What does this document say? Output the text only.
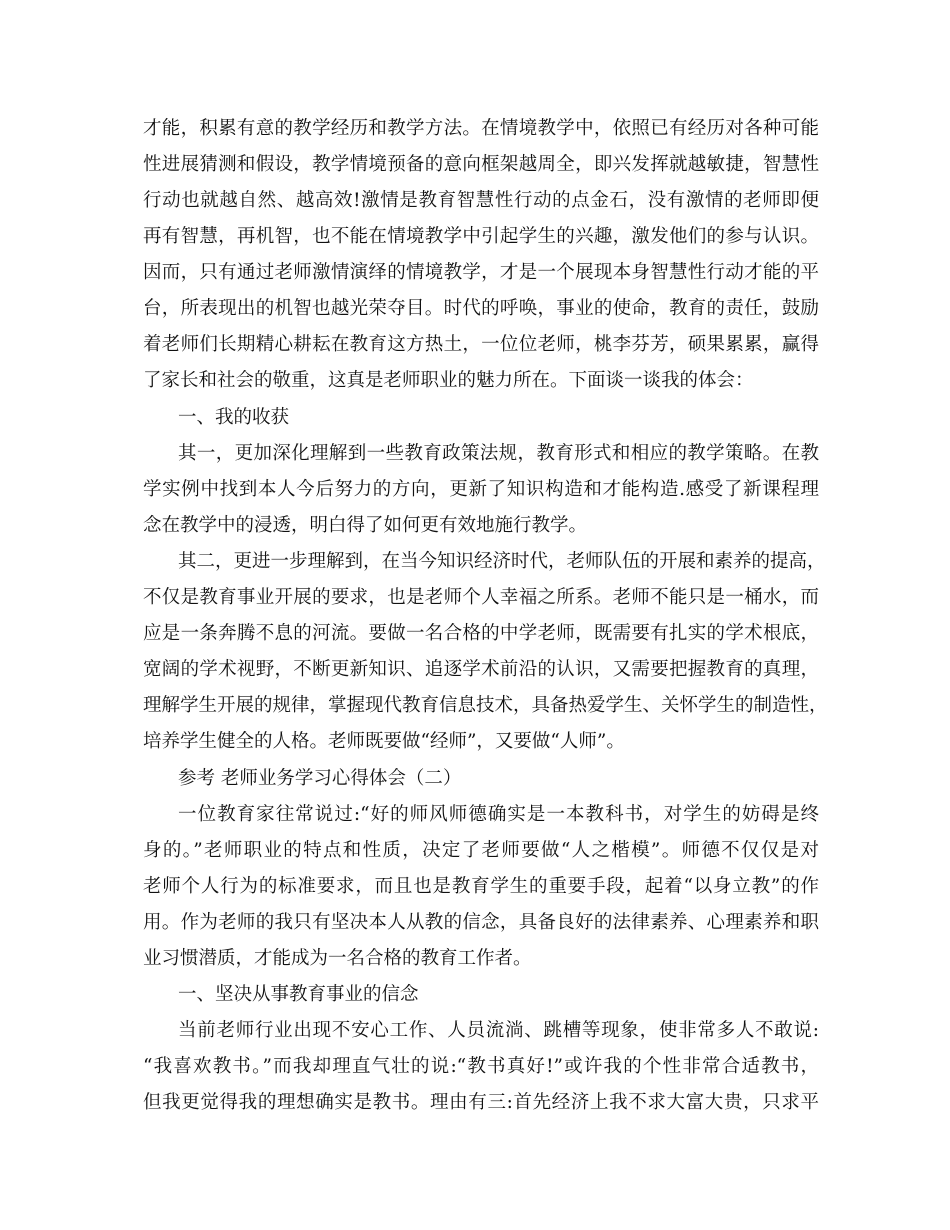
才能，积累有意的教学经历和教学方法。在情境教学中，依照已有经历对各种可能
性进展猜测和假设，教学情境预备的意向框架越周全，即兴发挥就越敏捷，智慧性
行动也就越自然、越高效!激情是教育智慧性行动的点金石，没有激情的老师即便
再有智慧，再机智，也不能在情境教学中引起学生的兴趣，激发他们的参与认识。
因而，只有通过老师激情演绎的情境教学，才是一个展现本身智慧性行动才能的平
台，所表现出的机智也越光荣夺目。时代的呼唤，事业的使命，教育的责任，鼓励
着老师们长期精心耕耘在教育这方热土，一位位老师，桃李芬芳，硕果累累，赢得
了家长和社会的敬重，这真是老师职业的魅力所在。下面谈一谈我的体会：
一、我的收获
其一，更加深化理解到一些教育政策法规，教育形式和相应的教学策略。在教
学实例中找到本人今后努力的方向，更新了知识构造和才能构造.感受了新课程理
念在教学中的浸透，明白得了如何更有效地施行教学。
其二，更进一步理解到，在当今知识经济时代，老师队伍的开展和素养的提高，
不仅是教育事业开展的要求，也是老师个人幸福之所系。老师不能只是一桶水，而
应是一条奔腾不息的河流。要做一名合格的中学老师，既需要有扎实的学术根底，
宽阔的学术视野，不断更新知识、追逐学术前沿的认识，又需要把握教育的真理，
理解学生开展的规律，掌握现代教育信息技术，具备热爱学生、关怀学生的制造性，
培养学生健全的人格。老师既要做“经师”，又要做“人师”。
参考 老师业务学习心得体会（二）
一位教育家往常说过:“好的师风师德确实是一本教科书，对学生的妨碍是终
身的。”老师职业的特点和性质，决定了老师要做“人之楷模”。师德不仅仅是对
老师个人行为的标准要求，而且也是教育学生的重要手段，起着“以身立教”的作
用。作为老师的我只有坚决本人从教的信念，具备良好的法律素养、心理素养和职
业习惯潜质，才能成为一名合格的教育工作者。
一、坚决从事教育事业的信念
当前老师行业出现不安心工作、人员流淌、跳槽等现象，使非常多人不敢说:
“我喜欢教书。”而我却理直气壮的说:“教书真好!”或许我的个性非常合适教书，
但我更觉得我的理想确实是教书。理由有三:首先经济上我不求大富大贵，只求平
